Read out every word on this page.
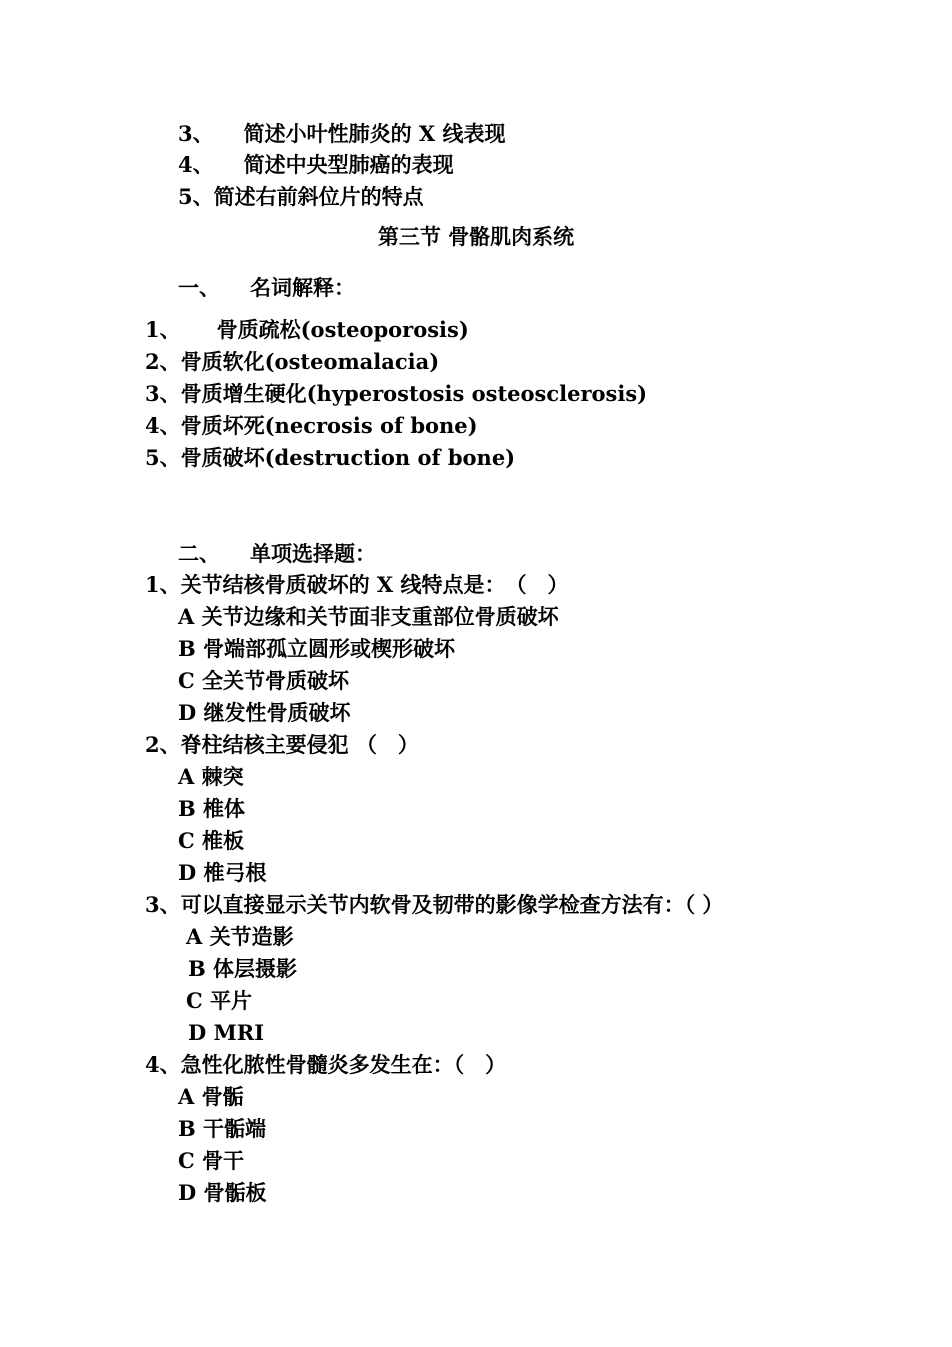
3、 简述小叶性肺炎的 X 线表现
4、 简述中央型肺癌的表现
5、简述右前斜位片的特点
第三节 骨骼肌肉系统
一、 名词解释：
1、 骨质疏松(osteoporosis)
2、骨质软化(osteomalacia)
3、骨质增生硬化(hyperostosis osteosclerosis)
4、骨质坏死(necrosis of bone)
5、骨质破坏(destruction of bone)
二、 单项选择题：
1、关节结核骨质破坏的 X 线特点是：　（　）
A 关节边缘和关节面非支重部位骨质破坏
B 骨端部孤立圆形或楔形破坏
C 全关节骨质破坏
D 继发性骨质破坏
2、脊柱结核主要侵犯 （　）
A 棘突
B 椎体
C 椎板
D 椎弓根
3、可以直接显示关节内软骨及韧带的影像学检查方法有：（ ）
A 关节造影
B 体层摄影
C 平片
D MRI
4、急性化脓性骨髓炎多发生在：（　）
A 骨骺
B 干骺端
C 骨干
D 骨骺板
